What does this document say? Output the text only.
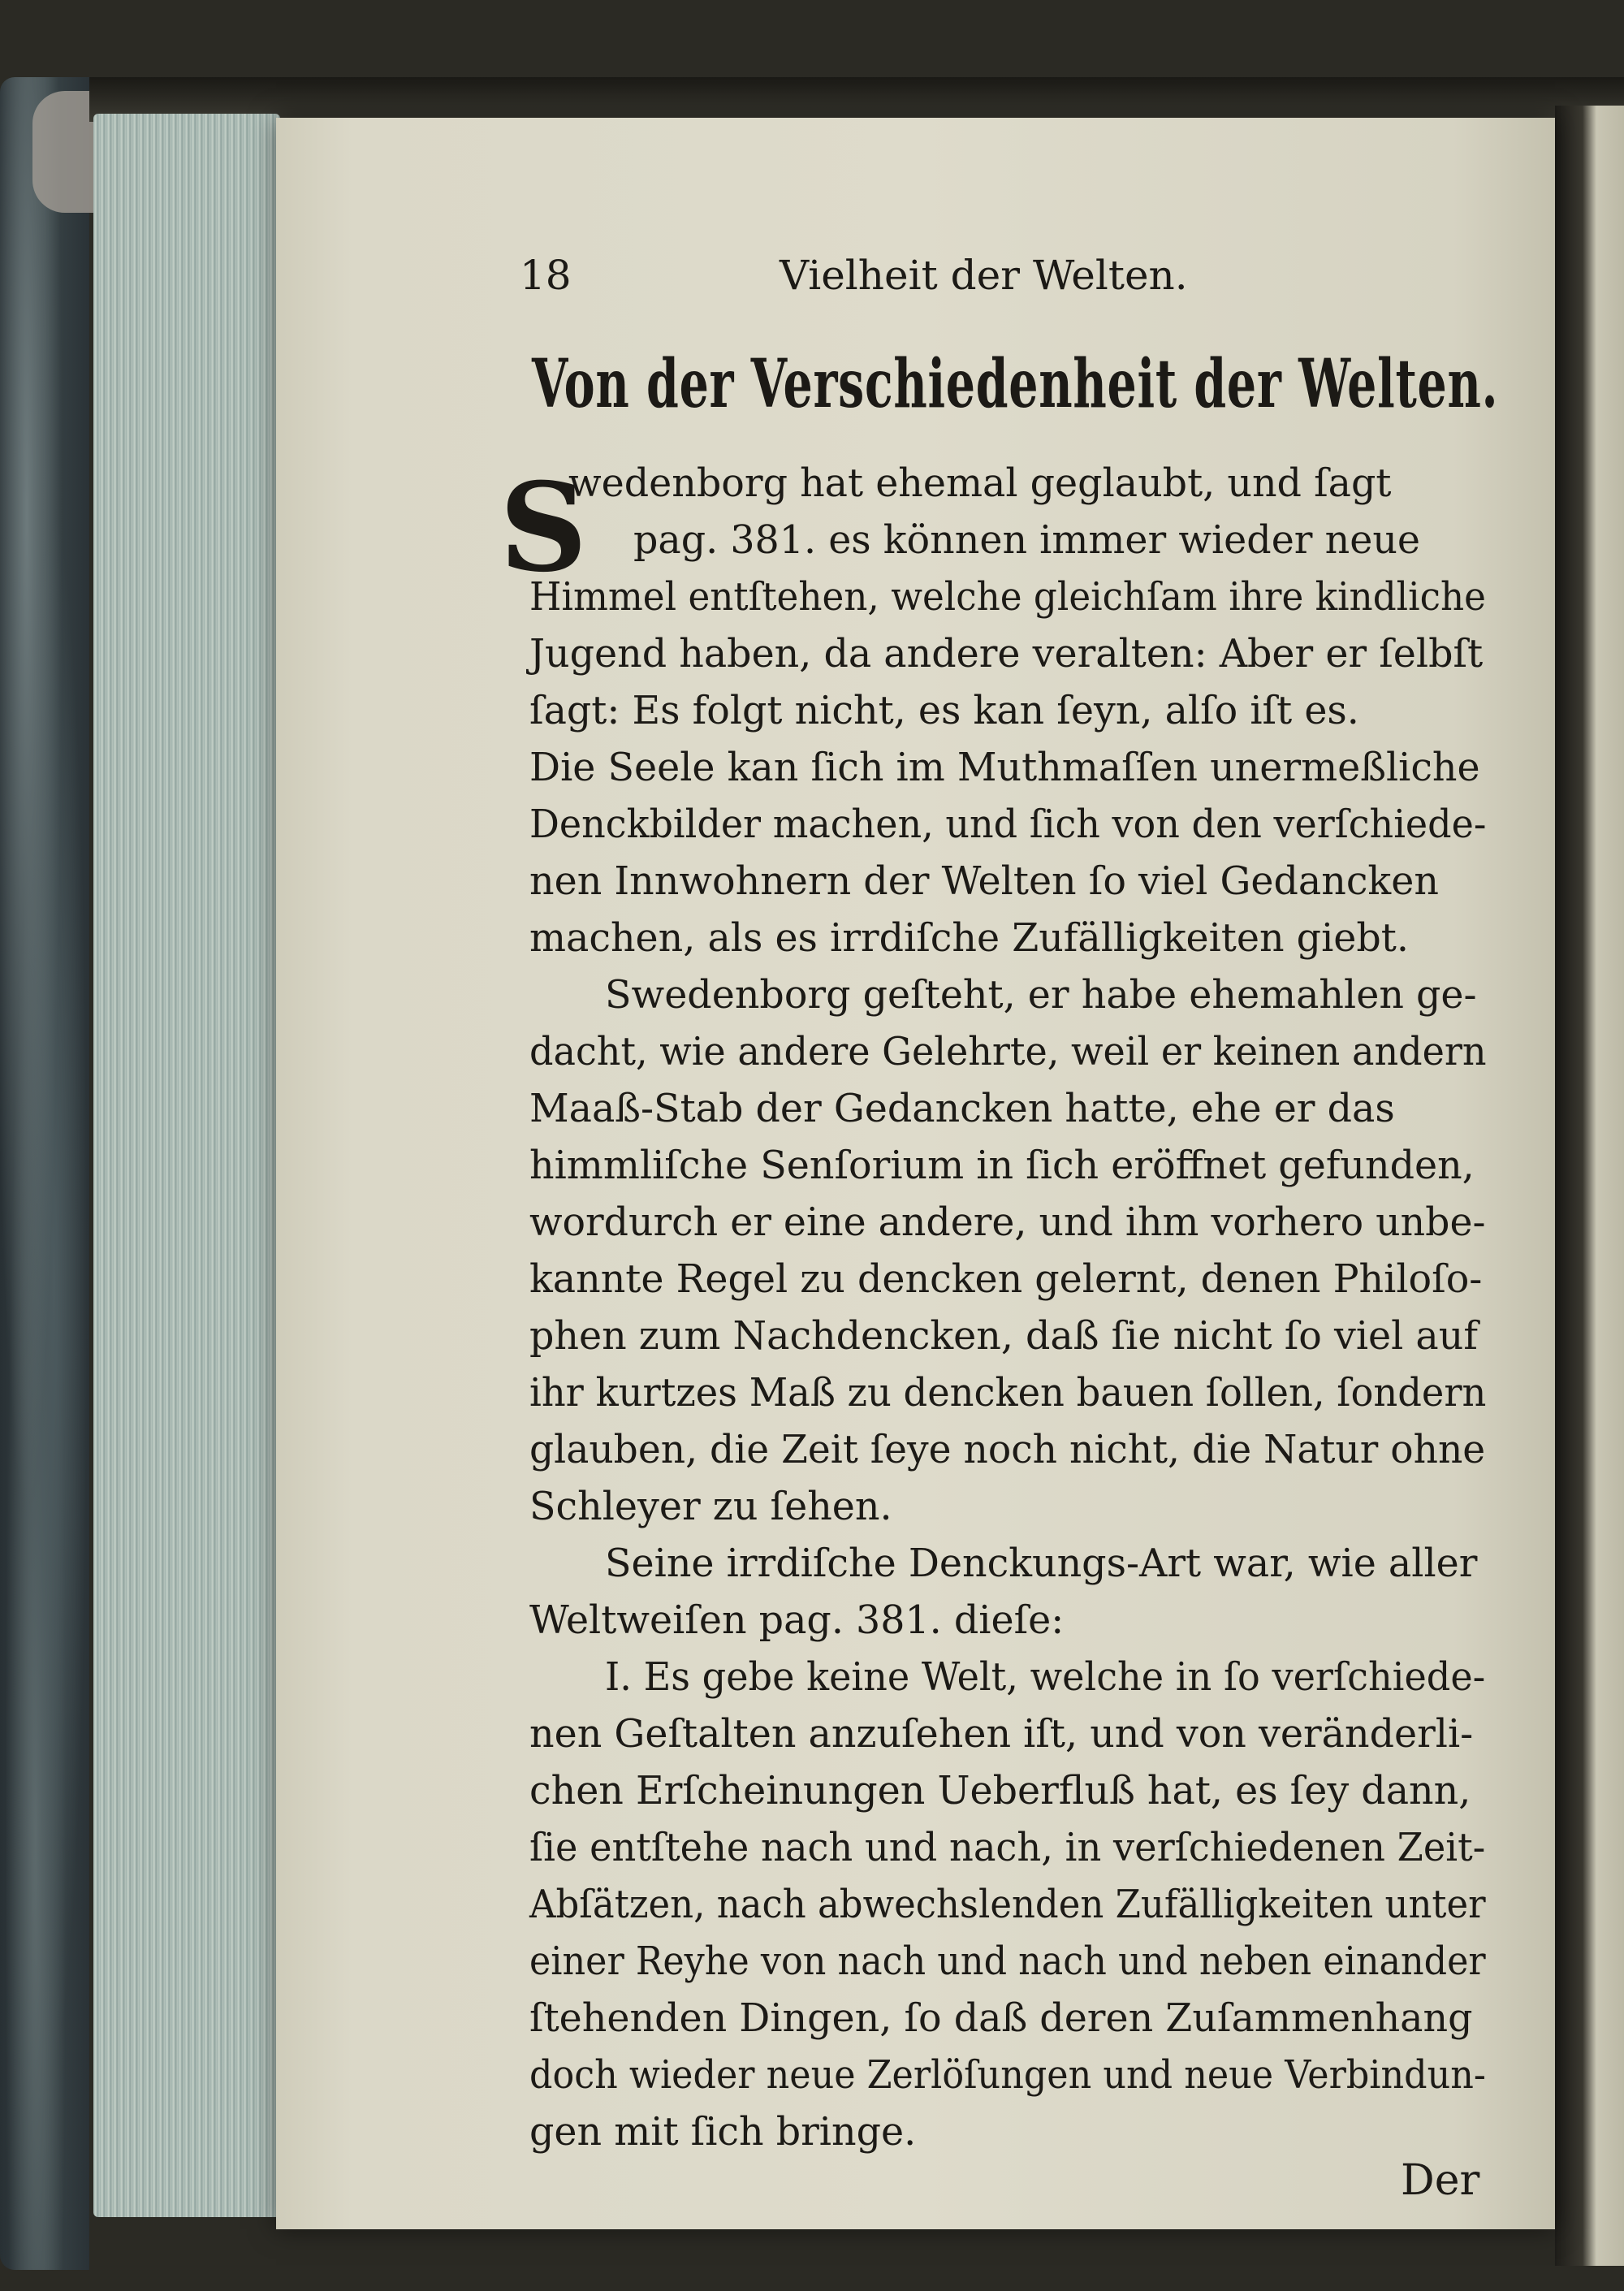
18	Vielheit der Welten.
Von der Verschiedenheit der Welten.
S
wedenborg hat ehemal geglaubt, und ſagt
pag. 381. es können immer wieder neue
Himmel entſtehen, welche gleichſam ihre kindliche
Jugend haben, da andere veralten: Aber er ſelbſt
ſagt: Es folgt nicht, es kan ſeyn, alſo iſt es.
Die Seele kan ſich im Muthmaſſen unermeßliche
Denckbilder machen, und ſich von den verſchiede-
nen Innwohnern der Welten ſo viel Gedancken
machen, als es irrdiſche Zufälligkeiten giebt.
Swedenborg geſteht, er habe ehemahlen ge-
dacht, wie andere Gelehrte, weil er keinen andern
Maaß-Stab der Gedancken hatte, ehe er das
himmliſche Senſorium in ſich eröffnet gefunden,
wordurch er eine andere, und ihm vorhero unbe-
kannte Regel zu dencken gelernt, denen Philoſo-
phen zum Nachdencken, daß ſie nicht ſo viel auf
ihr kurtzes Maß zu dencken bauen ſollen, ſondern
glauben, die Zeit ſeye noch nicht, die Natur ohne
Schleyer zu ſehen.
Seine irrdiſche Denckungs-Art war, wie aller
Weltweiſen pag. 381. dieſe:
I. Es gebe keine Welt, welche in ſo verſchiede-
nen Geſtalten anzuſehen iſt, und von veränderli-
chen Erſcheinungen Ueberfluß hat, es ſey dann,
ſie entſtehe nach und nach, in verſchiedenen Zeit-
Abſätzen, nach abwechslenden Zufälligkeiten unter
einer Reyhe von nach und nach und neben einander
ſtehenden Dingen, ſo daß deren Zuſammenhang
doch wieder neue Zerlöſungen und neue Verbindun-
gen mit ſich bringe.
Der
